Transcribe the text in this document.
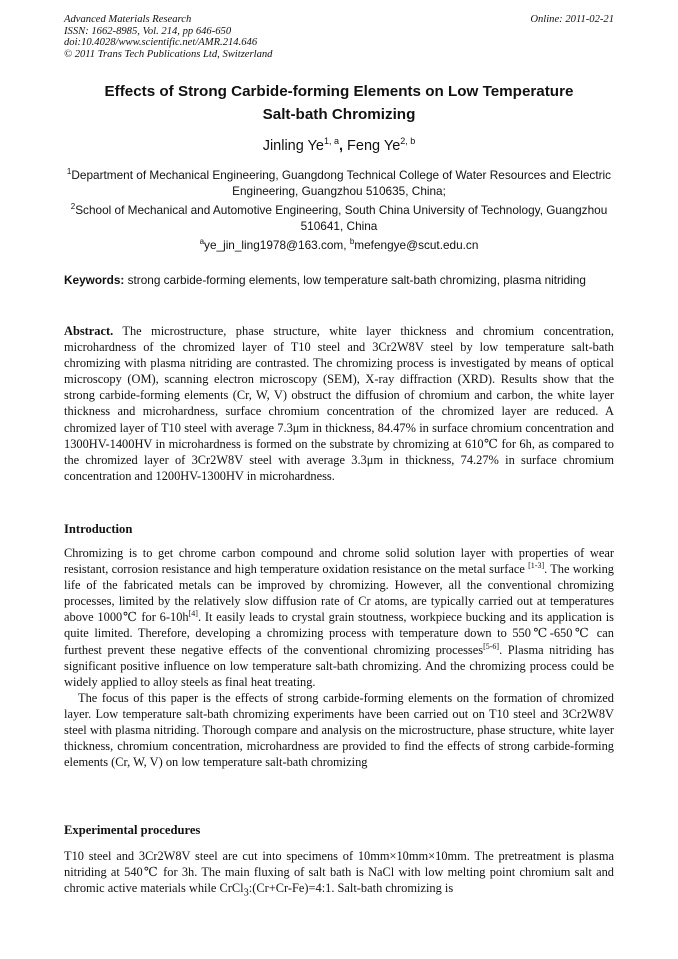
Advanced Materials Research
ISSN: 1662-8985, Vol. 214, pp 646-650
doi:10.4028/www.scientific.net/AMR.214.646
© 2011 Trans Tech Publications Ltd, Switzerland
Online: 2011-02-21
Effects of Strong Carbide-forming Elements on Low Temperature
Salt-bath Chromizing
Jinling Ye$^{1, a}$, Feng Ye$^{2, b}$
$^1$Department of Mechanical Engineering, Guangdong Technical College of Water Resources and Electric Engineering, Guangzhou 510635, China;
$^2$School of Mechanical and Automotive Engineering, South China University of Technology, Guangzhou 510641, China
$^a$ye_jin_ling1978@163.com, $^b$mefengye@scut.edu.cn
Keywords: strong carbide-forming elements, low temperature salt-bath chromizing, plasma nitriding
Abstract. The microstructure, phase structure, white layer thickness and chromium concentration, microhardness of the chromized layer of T10 steel and 3Cr2W8V steel by low temperature salt-bath chromizing with plasma nitriding are contrasted. The chromizing process is investigated by means of optical microscopy (OM), scanning electron microscopy (SEM), X-ray diffraction (XRD). Results show that the strong carbide-forming elements (Cr, W, V) obstruct the diffusion of chromium and carbon, the white layer thickness and microhardness, surface chromium concentration of the chromized layer are reduced. A chromized layer of T10 steel with average 7.3μm in thickness, 84.47% in surface chromium concentration and 1300HV-1400HV in microhardness is formed on the substrate by chromizing at 610℃ for 6h, as compared to the chromized layer of 3Cr2W8V steel with average 3.3μm in thickness, 74.27% in surface chromium concentration and 1200HV-1300HV in microhardness.
Introduction

Chromizing is to get chrome carbon compound and chrome solid solution layer with properties of wear resistant, corrosion resistance and high temperature oxidation resistance on the metal surface [1-3]. The working life of the fabricated metals can be improved by chromizing. However, all the conventional chromizing processes, limited by the relatively slow diffusion rate of Cr atoms, are typically carried out at temperatures above 1000℃ for 6-10h[4]. It easily leads to crystal grain stoutness, workpiece bucking and its application is quite limited. Therefore, developing a chromizing process with temperature down to 550℃-650℃ can furthest prevent these negative effects of the conventional chromizing processes[5-6]. Plasma nitriding has significant positive influence on low temperature salt-bath chromizing. And the chromizing process could be widely applied to alloy steels as final heat treating.

The focus of this paper is the effects of strong carbide-forming elements on the formation of chromized layer. Low temperature salt-bath chromizing experiments have been carried out on T10 steel and 3Cr2W8V steel with plasma nitriding. Thorough compare and analysis on the microstructure, phase structure, white layer thickness, chromium concentration, microhardness are provided to find the effects of strong carbide-forming elements (Cr, W, V) on low temperature salt-bath chromizing

Experimental procedures
T10 steel and 3Cr2W8V steel are cut into specimens of 10mm×10mm×10mm. The pretreatment is plasma nitriding at 540℃ for 3h. The main fluxing of salt bath is NaCl with low melting point chromium salt and chromic active materials while CrCl$_3$:(Cr+Cr-Fe)=4:1. Salt-bath chromizing is
